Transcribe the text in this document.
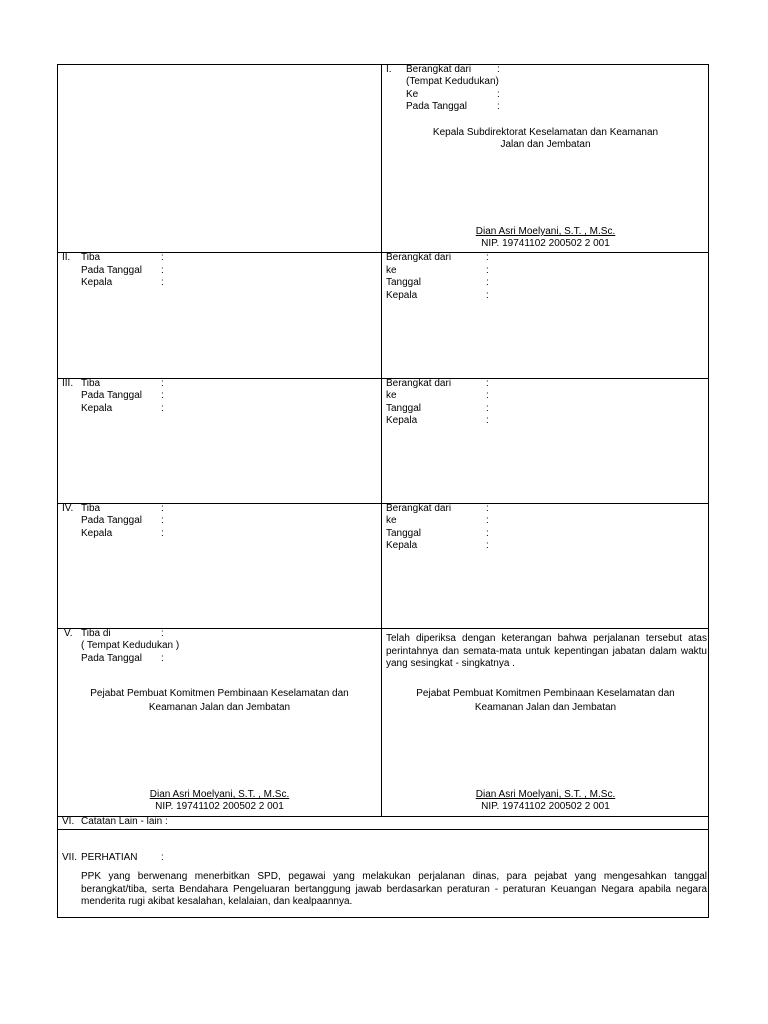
I. Berangkat dari	:
(Tempat Kedudukan)
Ke	:
Pada Tanggal	:
Kepala Subdirektorat Keselamatan dan Keamanan
Jalan dan Jembatan
Dian Asri Moelyani, S.T. , M.Sc.
NIP. 19741102 200502 2 001
II. Tiba	:
Pada Tanggal :
Kepala	:
Berangkat dari	:
ke	:
Tanggal	:
Kepala	:
III. Tiba	:
Pada Tanggal :
Kepala	:
Berangkat dari	:
ke	:
Tanggal	:
Kepala	:
IV. Tiba	:
Pada Tanggal :
Kepala	:
Berangkat dari	:
ke	:
Tanggal	:
Kepala	:
V. Tiba di	:
( Tempat Kedudukan )
Pada Tanggal :
Telah diperiksa dengan keterangan bahwa perjalanan tersebut atas perintahnya dan semata-mata untuk kepentingan jabatan dalam waktu yang sesingkat - singkatnya .
Pejabat Pembuat Komitmen Pembinaan Keselamatan dan
Keamanan Jalan dan Jembatan
Dian Asri Moelyani, S.T. , M.Sc.
NIP. 19741102 200502 2 001
Pejabat Pembuat Komitmen Pembinaan Keselamatan dan
Keamanan Jalan dan Jembatan
Dian Asri Moelyani, S.T. , M.Sc.
NIP. 19741102 200502 2 001
VI. Catatan Lain - lain :
VII. PERHATIAN :
PPK yang berwenang menerbitkan SPD, pegawai yang melakukan perjalanan dinas, para pejabat yang mengesahkan tanggal berangkat/tiba, serta Bendahara Pengeluaran bertanggung jawab berdasarkan peraturan - peraturan Keuangan Negara apabila negara menderita rugi akibat kesalahan, kelalaian, dan kealpaannya.
